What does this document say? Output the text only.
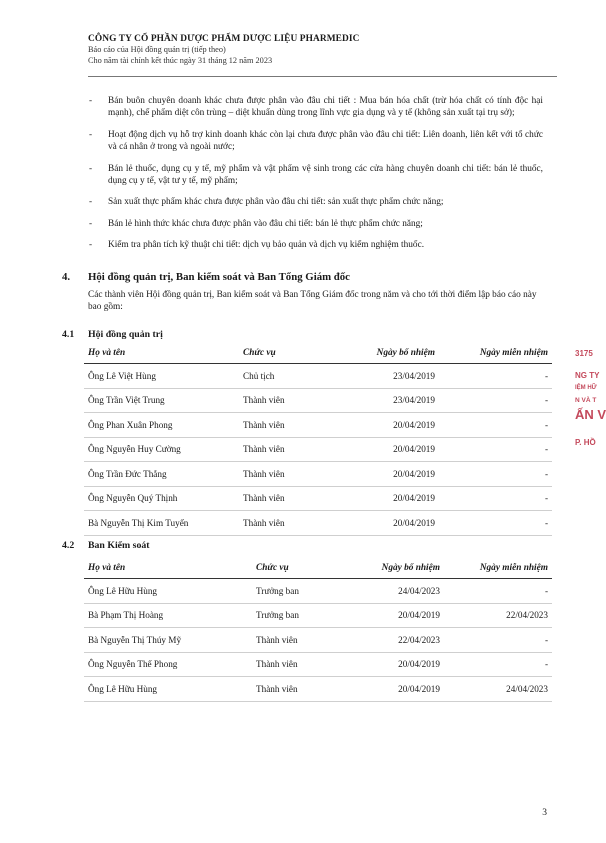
CÔNG TY CỔ PHẦN DƯỢC PHẨM DƯỢC LIỆU PHARMEDIC
Báo cáo của Hội đồng quản trị (tiếp theo)
Cho năm tài chính kết thúc ngày 31 tháng 12 năm 2023
- Bán buôn chuyên doanh khác chưa được phân vào đâu chi tiết : Mua bán hóa chất (trừ hóa chất có tính độc hại mạnh), chế phẩm diệt côn trùng – diệt khuẩn dùng trong lĩnh vực gia dụng và y tế (không sản xuất tại trụ sở);
- Hoạt động dịch vụ hỗ trợ kinh doanh khác còn lại chưa được phân vào đâu chi tiết: Liên doanh, liên kết với tổ chức và cá nhân ở trong và ngoài nước;
- Bán lẻ thuốc, dụng cụ y tế, mỹ phẩm và vật phẩm vệ sinh trong các cửa hàng chuyên doanh chi tiết: bán lẻ thuốc, dụng cụ y tế, vật tư y tế, mỹ phẩm;
- Sản xuất thực phẩm khác chưa được phân vào đâu chi tiết: sản xuất thực phẩm chức năng;
- Bán lẻ hình thức khác chưa được phân vào đâu chi tiết: bán lẻ thực phẩm chức năng;
- Kiểm tra phân tích kỹ thuật chi tiết: dịch vụ bảo quản và dịch vụ kiểm nghiệm thuốc.
4. Hội đồng quản trị, Ban kiểm soát và Ban Tổng Giám đốc
Các thành viên Hội đồng quản trị, Ban kiểm soát và Ban Tổng Giám đốc trong năm và cho tới thời điểm lập báo cáo này bao gồm:
4.1 Hội đồng quản trị
Họ và tên	Chức vụ	Ngày bổ nhiệm	Ngày miễn nhiệm
Ông Lê Việt Hùng	Chủ tịch	23/04/2019	-
Ông Trần Việt Trung	Thành viên	23/04/2019	-
Ông Phan Xuân Phong	Thành viên	20/04/2019	-
Ông Nguyễn Huy Cường	Thành viên	20/04/2019	-
Ông Trần Đức Thắng	Thành viên	20/04/2019	-
Ông Nguyễn Quý Thịnh	Thành viên	20/04/2019	-
Bà Nguyễn Thị Kim Tuyến	Thành viên	20/04/2019	-
4.2 Ban Kiểm soát
Họ và tên	Chức vụ	Ngày bổ nhiệm	Ngày miễn nhiệm
Ông Lê Hữu Hùng	Trưởng ban	24/04/2023	-
Bà Phạm Thị Hoàng	Trưởng ban	20/04/2019	22/04/2023
Bà Nguyễn Thị Thúy Mỹ	Thành viên	22/04/2023	-
Ông Nguyễn Thế Phong	Thành viên	20/04/2019	-
Ông Lê Hữu Hùng	Thành viên	20/04/2019	24/04/2023
3175
NG TY
IỆM HỮ
N VÀ T
ẤN V
P. HỒ
3
